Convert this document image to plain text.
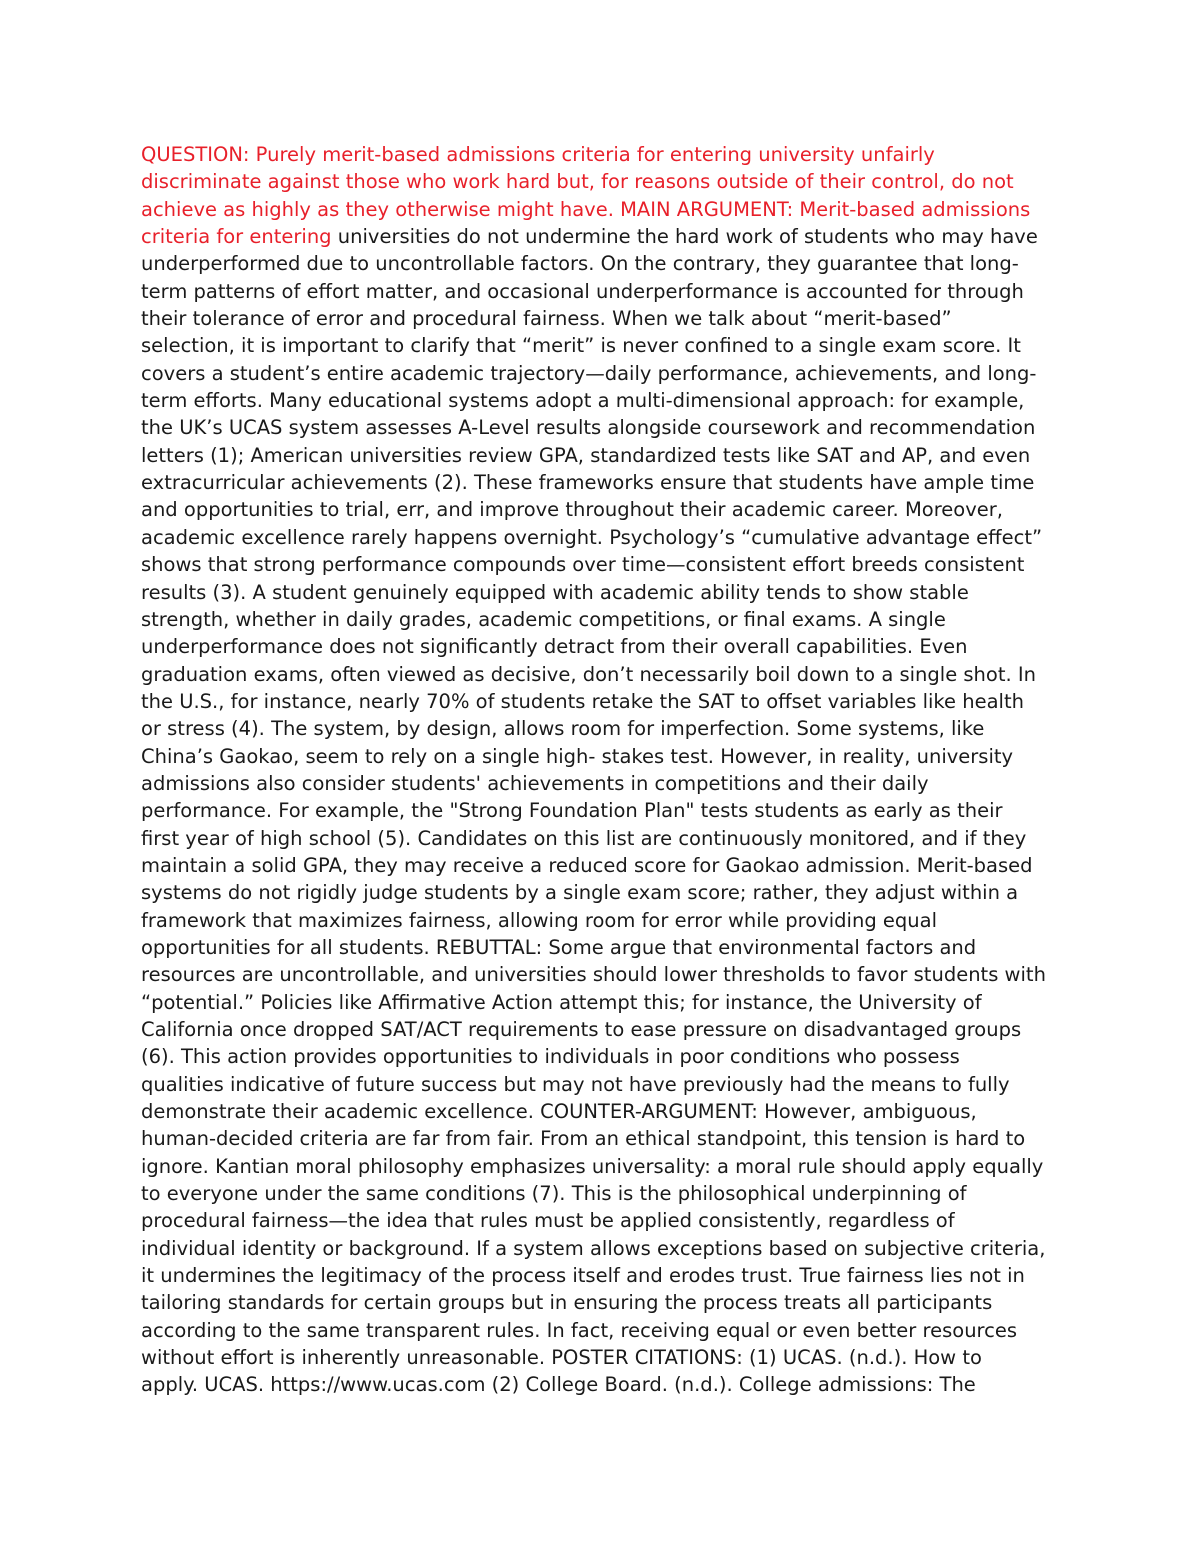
QUESTION: Purely merit-based admissions criteria for entering university unfairly
discriminate against those who work hard but, for reasons outside of their control, do not
achieve as highly as they otherwise might have. MAIN ARGUMENT: Merit-based admissions
criteria for entering universities do not undermine the hard work of students who may have
underperformed due to uncontrollable factors. On the contrary, they guarantee that long-
term patterns of effort matter, and occasional underperformance is accounted for through
their tolerance of error and procedural fairness. When we talk about “merit-based”
selection, it is important to clarify that “merit” is never confined to a single exam score. It
covers a student’s entire academic trajectory—daily performance, achievements, and long-
term efforts. Many educational systems adopt a multi-dimensional approach: for example,
the UK’s UCAS system assesses A-Level results alongside coursework and recommendation
letters (1); American universities review GPA, standardized tests like SAT and AP, and even
extracurricular achievements (2). These frameworks ensure that students have ample time
and opportunities to trial, err, and improve throughout their academic career. Moreover,
academic excellence rarely happens overnight. Psychology’s “cumulative advantage effect”
shows that strong performance compounds over time—consistent effort breeds consistent
results (3). A student genuinely equipped with academic ability tends to show stable
strength, whether in daily grades, academic competitions, or final exams. A single
underperformance does not significantly detract from their overall capabilities. Even
graduation exams, often viewed as decisive, don’t necessarily boil down to a single shot. In
the U.S., for instance, nearly 70% of students retake the SAT to offset variables like health
or stress (4). The system, by design, allows room for imperfection. Some systems, like
China’s Gaokao, seem to rely on a single high- stakes test. However, in reality, university
admissions also consider students' achievements in competitions and their daily
performance. For example, the "Strong Foundation Plan" tests students as early as their
first year of high school (5). Candidates on this list are continuously monitored, and if they
maintain a solid GPA, they may receive a reduced score for Gaokao admission. Merit-based
systems do not rigidly judge students by a single exam score; rather, they adjust within a
framework that maximizes fairness, allowing room for error while providing equal
opportunities for all students. REBUTTAL: Some argue that environmental factors and
resources are uncontrollable, and universities should lower thresholds to favor students with
“potential.” Policies like Affirmative Action attempt this; for instance, the University of
California once dropped SAT/ACT requirements to ease pressure on disadvantaged groups
(6). This action provides opportunities to individuals in poor conditions who possess
qualities indicative of future success but may not have previously had the means to fully
demonstrate their academic excellence. COUNTER-ARGUMENT: However, ambiguous,
human-decided criteria are far from fair. From an ethical standpoint, this tension is hard to
ignore. Kantian moral philosophy emphasizes universality: a moral rule should apply equally
to everyone under the same conditions (7). This is the philosophical underpinning of
procedural fairness—the idea that rules must be applied consistently, regardless of
individual identity or background. If a system allows exceptions based on subjective criteria,
it undermines the legitimacy of the process itself and erodes trust. True fairness lies not in
tailoring standards for certain groups but in ensuring the process treats all participants
according to the same transparent rules. In fact, receiving equal or even better resources
without effort is inherently unreasonable. POSTER CITATIONS: (1) UCAS. (n.d.). How to
apply. UCAS. https://www.ucas.com (2) College Board. (n.d.). College admissions: The
